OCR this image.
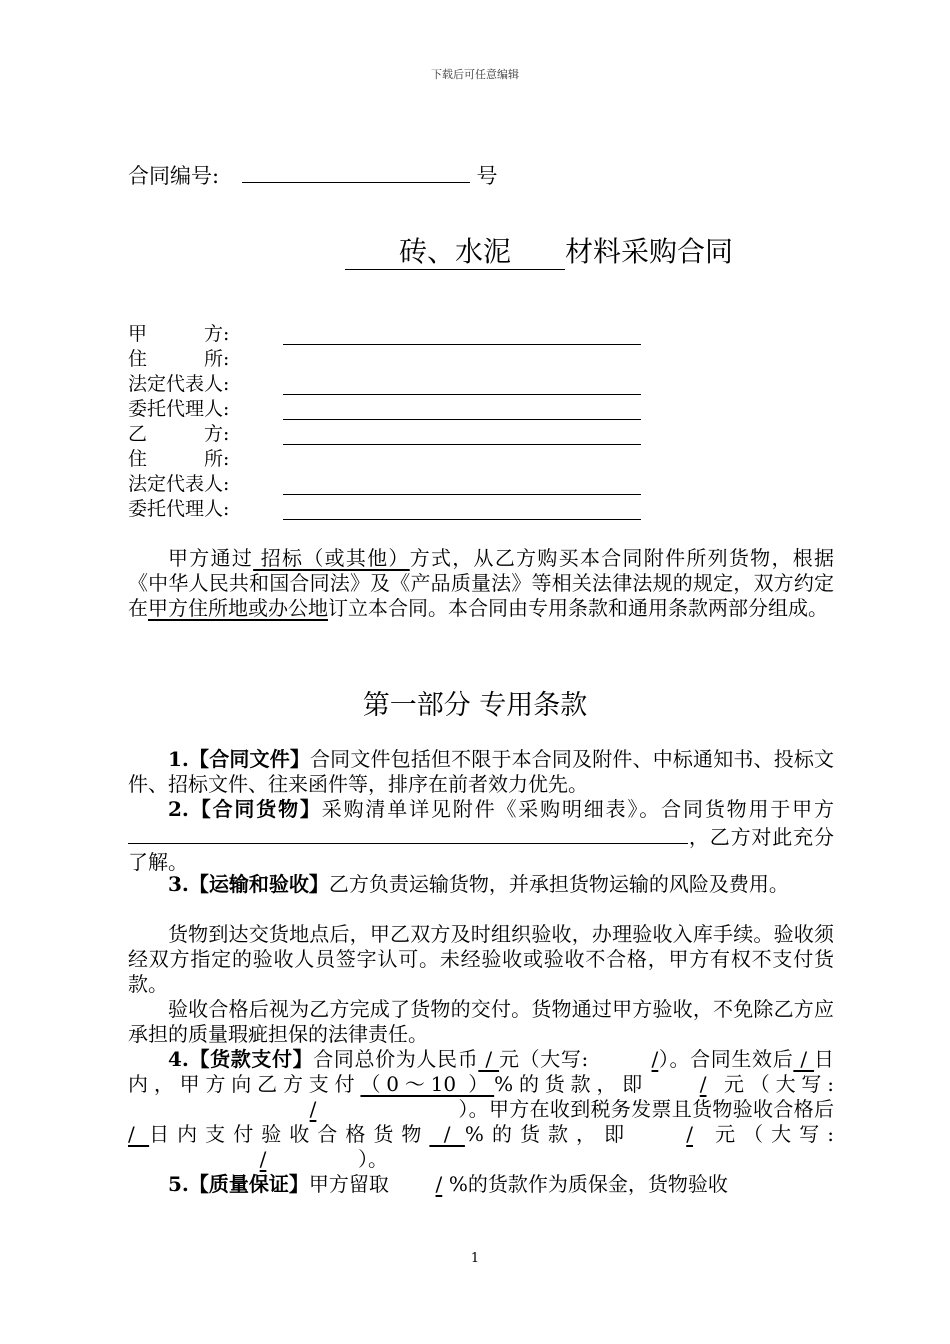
下载后可任意编辑
合同编号:	号
砖、水泥 材料采购合同
甲　　　方:
住　　　所:
法定代表人:
委托代理人:
乙　　　方:
住　　　所:
法定代表人:
委托代理人:
甲方通过 招标（或其他）方式，从乙方购买本合同附件所列货物，根据《中华人民共和国合同法》及《产品质量法》等相关法律法规的规定，双方约定在甲方住所地或办公地订立本合同。本合同由专用条款和通用条款两部分组成。
第一部分 专用条款
1.【合同文件】合同文件包括但不限于本合同及附件、中标通知书、投标文件、招标文件、往来函件等，排序在前者效力优先。
2.【合同货物】采购清单详见附件《采购明细表》。合同货物用于甲方，乙方对此充分了解。
3.【运输和验收】乙方负责运输货物，并承担货物运输的风险及费用。
货物到达交货地点后，甲乙双方及时组织验收，办理验收入库手续。验收须经双方指定的验收人员签字认可。未经验收或验收不合格，甲方有权不支付货款。
验收合格后视为乙方完成了货物的交付。货物通过甲方验收，不免除乙方应承担的质量瑕疵担保的法律责任。
4.【货款支付】合同总价为人民币 / 元（大写:	/）。合同生效后 / 日内，甲方向乙方支付（0～10 ）%的货款，即	/ 元（大写:/	）。甲方在收到税务发票且货物验收合格后 / 日内支付验收合格货物 / %的货款，即	/ 元（大写:/	）。
5.【质量保证】甲方留取/%的货款作为质保金，货物验收
1
